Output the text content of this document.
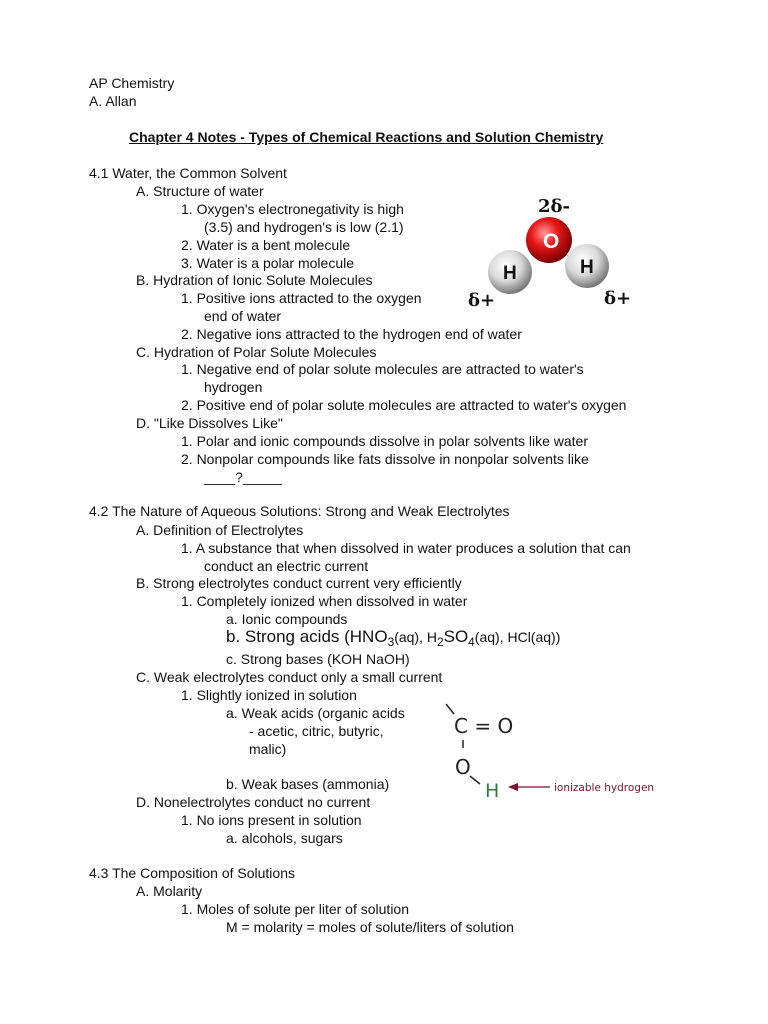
AP Chemistry
A. Allan
Chapter 4 Notes - Types of Chemical Reactions and Solution Chemistry
4.1 Water, the Common Solvent
A. Structure of water
1. Oxygen's electronegativity is high
(3.5) and hydrogen's is low (2.1)
2. Water is a bent molecule
3. Water is a polar molecule
B. Hydration of Ionic Solute Molecules
1. Positive ions attracted to the oxygen
end of water
2. Negative ions attracted to the hydrogen end of water
C. Hydration of Polar Solute Molecules
1. Negative end of polar solute molecules are attracted to water's
hydrogen
2. Positive end of polar solute molecules are attracted to water's oxygen
D. "Like Dissolves Like"
1. Polar and ionic compounds dissolve in polar solvents like water
2. Nonpolar compounds like fats dissolve in nonpolar solvents like
____?_____
O
H	H
2δ-
δ+	δ+
4.2 The Nature of Aqueous Solutions: Strong and Weak Electrolytes
A. Definition of Electrolytes
1. A substance that when dissolved in water produces a solution that can
conduct an electric current
B. Strong electrolytes conduct current very efficiently
1. Completely ionized when dissolved in water
a. Ionic compounds
b. Strong acids ($HNO_3(aq)$, $H_2SO_4(aq)$, HCl(aq))
c. Strong bases (KOH NaOH)
C. Weak electrolytes conduct only a small current
1. Slightly ionized in solution
a. Weak acids (organic acids
- acetic, citric, butyric,
malic)
b. Weak bases (ammonia)
D. Nonelectrolytes conduct no current
1. No ions present in solution
a. alcohols, sugars
C = O
O
H	ionizable hydrogen
4.3 The Composition of Solutions
A. Molarity
1. Moles of solute per liter of solution
M = molarity = moles of solute/liters of solution
